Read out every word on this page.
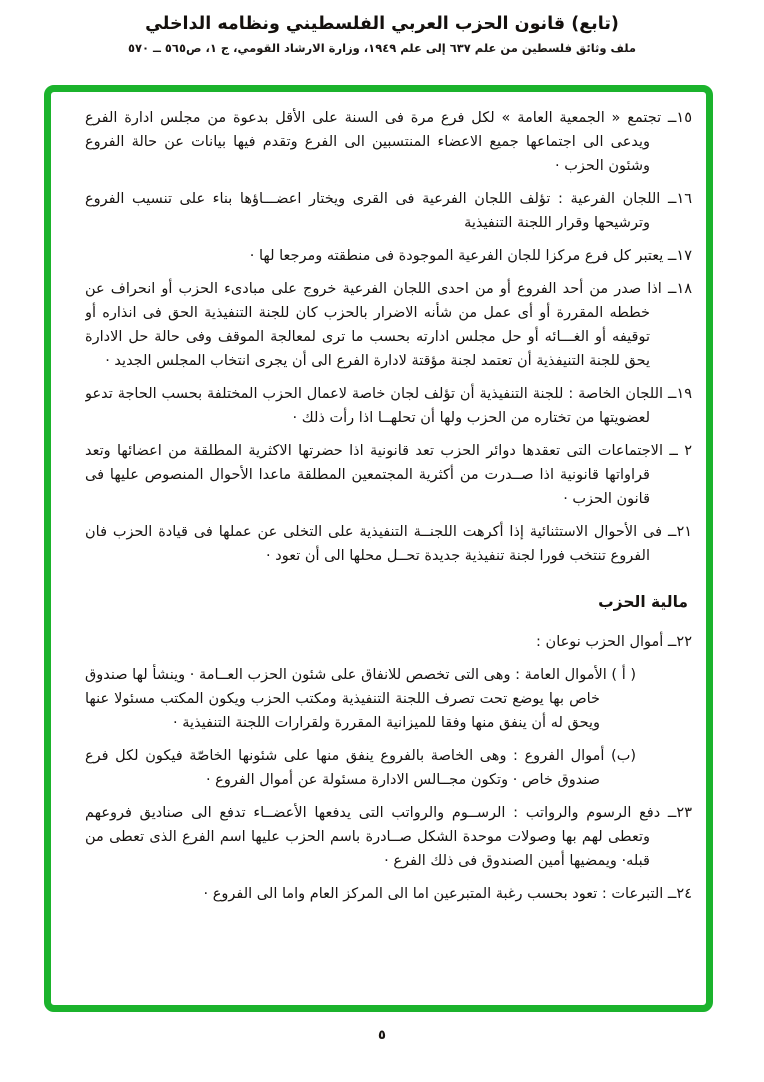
(تابع) قانون الحزب العربي الفلسطيني ونظامه الداخلي
ملف وثائق فلسطين من علم ٦٣٧ إلى علم ١٩٤٩، وزارة الارشاد القومي، ج ١، ص٥٦٥ ــ ٥٧٠
١٥ــ تجتمع « الجمعية العامة » لكل فرع مرة فى السنة على الأقل بدعوة من مجلس ادارة الفرع ويدعى الى اجتماعها جميع الاعضاء المنتسبين الى الفرع وتقدم فيها بيانات عن حالة الفروع وشئون الحزب ·
١٦ــ اللجان الفرعية : تؤلف اللجان الفرعية فى القرى ويختار اعضـــاؤها بناء على تنسيب الفروع وترشيحها وقرار اللجنة التنفيذية
١٧ــ يعتبر كل فرع مركزا للجان الفرعية الموجودة فى منطقته ومرجعا لها ·
١٨ــ اذا صدر من أحد الفروع أو من احدى اللجان الفرعية خروج على مبادىء الحزب أو انحراف عن خططه المقررة أو أى عمل من شأنه الاضرار بالحزب كان للجنة التنفيذية الحق فى انذاره أو توقيفه أو الغـــائه أو حل مجلس ادارته بحسب ما ترى لمعالجة الموقف وفى حالة حل الادارة يحق للجنة التنيفذية أن تعتمد لجنة مؤقتة لادارة الفرع الى أن يجرى انتخاب المجلس الجديد ·
١٩ــ اللجان الخاصة : للجنة التنفيذية أن تؤلف لجان خاصة لاعمال الحزب المختلفة بحسب الحاجة تدعو لعضويتها من تختاره من الحزب ولها أن تحلهــا اذا رأت ذلك ·
٢ ــ الاجتماعات التى تعقدها دوائر الحزب تعد قانونية اذا حضرتها الاكثرية المطلقة من اعضائها وتعد قراواتها قانونية اذا صــدرت من أكثرية المجتمعين المطلقة ماعدا الأحوال المنصوص عليها فى قانون الحزب ·
٢١ــ فى الأحوال الاستثنائية إذا أكرهت اللجنــة التنفيذية على التخلى عن عملها فى قيادة الحزب فان الفروع تنتخب فورا لجنة تنفيذية جديدة تحــل محلها الى أن تعود ·
مالية الحزب
٢٢ــ أموال الحزب نوعان :
( أ ) الأموال العامة : وهى التى تخصص للانفاق على شئون الحزب العــامة · وينشأ لها صندوق خاص بها يوضع تحت تصرف اللجنة التنفيذية ومكتب الحزب ويكون المكتب مسئولا عنها ويحق له أن ينفق منها وفقا للميزانية المقررة ولقرارات اللجنة التنفيذية ·
(ب) أموال الفروع : وهى الخاصة بالفروع ينفق منها على شئونها الخاصّة فيكون لكل فرع صندوق خاص · وتكون مجــالس الادارة مسئولة عن أموال الفروع ·
٢٣ــ دفع الرسوم والرواتب : الرســوم والرواتب التى يدفعها الأعضــاء تدفع الى صناديق فروعهم وتعطى لهم بها وصولات موحدة الشكل صــادرة باسم الحزب عليها اسم الفرع الذى تعطى من قبله· ويمضيها أمين الصندوق فى ذلك الفرع ·
٢٤ــ التبرعات : تعود بحسب رغبة المتبرعين اما الى المركز العام واما الى الفروع ·
٥
